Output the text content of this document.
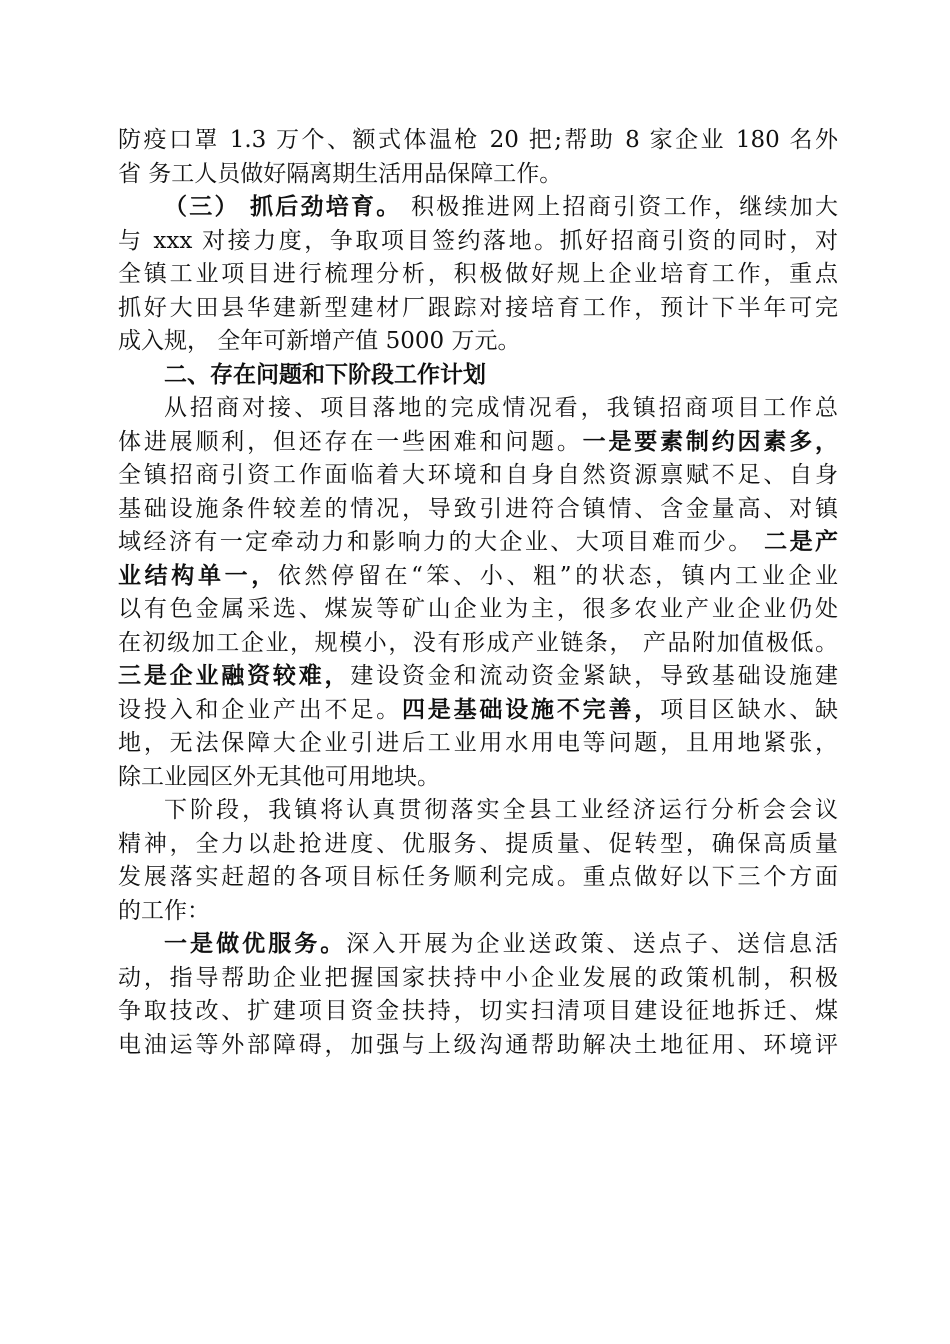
防疫口罩 1.3 万个、额式体温枪 20 把;帮助 8 家企业 180 名外
省 务工人员做好隔离期生活用品保障工作。
（三） 抓后劲培育。 积极推进网上招商引资工作，继续加大
与 xxx 对接力度，争取项目签约落地。抓好招商引资的同时，对
全镇工业项目进行梳理分析，积极做好规上企业培育工作，重点
抓好大田县华建新型建材厂跟踪对接培育工作，预计下半年可完
成入规， 全年可新增产值 5000 万元。
二、存在问题和下阶段工作计划
从招商对接、项目落地的完成情况看，我镇招商项目工作总
体进展顺利，但还存在一些困难和问题。一是要素制约因素多，
全镇招商引资工作面临着大环境和自身自然资源禀赋不足、自身
基础设施条件较差的情况，导致引进符合镇情、含金量高、对镇
域经济有一定牵动力和影响力的大企业、大项目难而少。 二是产
业结构单一，依然停留在“笨、小、粗”的状态，镇内工业企业
以有色金属采选、煤炭等矿山企业为主，很多农业产业企业仍处
在初级加工企业，规模小，没有形成产业链条， 产品附加值极低。
三是企业融资较难，建设资金和流动资金紧缺，导致基础设施建
设投入和企业产出不足。四是基础设施不完善，项目区缺水、缺
地，无法保障大企业引进后工业用水用电等问题，且用地紧张，
除工业园区外无其他可用地块。
下阶段，我镇将认真贯彻落实全县工业经济运行分析会会议
精神，全力以赴抢进度、优服务、提质量、促转型，确保高质量
发展落实赶超的各项目标任务顺利完成。重点做好以下三个方面
的工作：
一是做优服务。深入开展为企业送政策、送点子、送信息活
动，指导帮助企业把握国家扶持中小企业发展的政策机制，积极
争取技改、扩建项目资金扶持，切实扫清项目建设征地拆迁、煤
电油运等外部障碍，加强与上级沟通帮助解决土地征用、环境评
